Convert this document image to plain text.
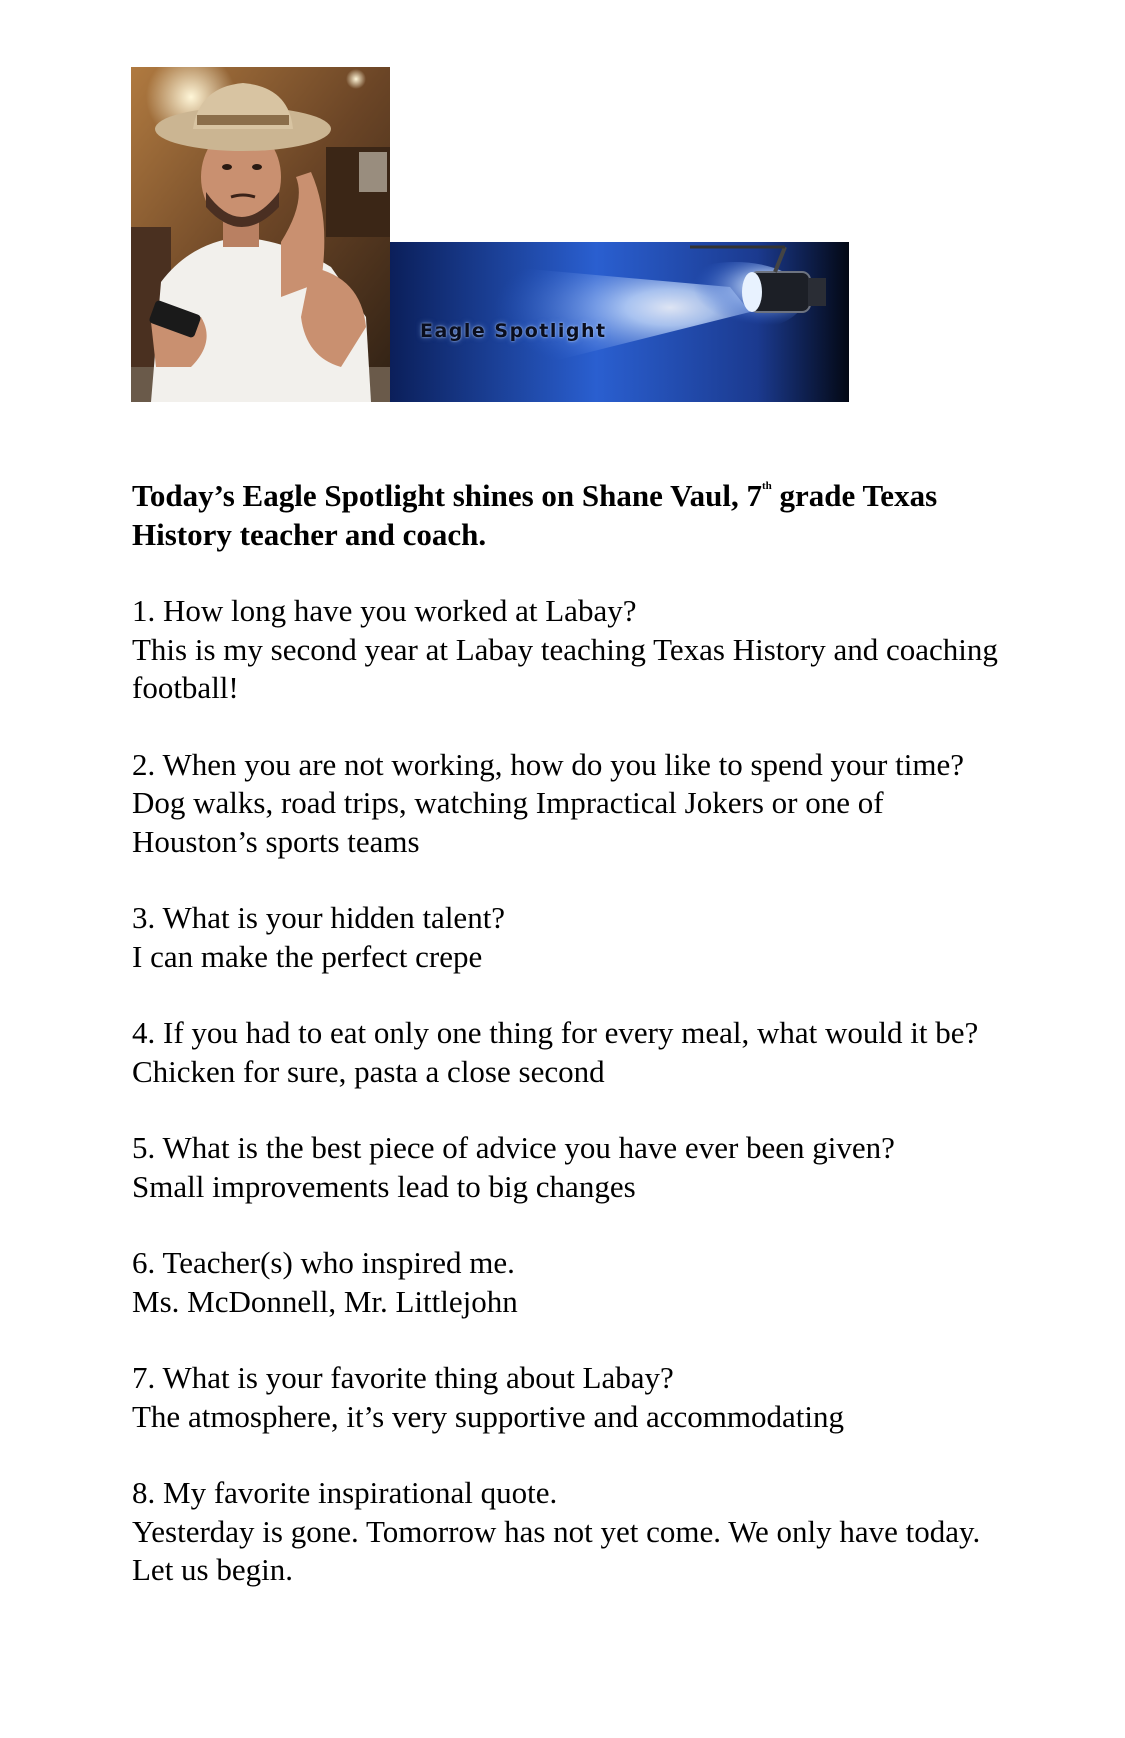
Eagle Spotlight

Today’s Eagle Spotlight shines on Shane Vaul, 7th grade Texas History teacher and coach.

1. How long have you worked at Labay?

This is my second year at Labay teaching Texas History and coaching football!

2. When you are not working, how do you like to spend your time?

Dog walks, road trips, watching Impractical Jokers or one of Houston’s sports teams

3. What is your hidden talent?

I can make the perfect crepe

4. If you had to eat only one thing for every meal, what would it be?

Chicken for sure, pasta a close second

5. What is the best piece of advice you have ever been given?

Small improvements lead to big changes

6. Teacher(s) who inspired me.

Ms. McDonnell, Mr. Littlejohn

7. What is your favorite thing about Labay?

The atmosphere, it’s very supportive and accommodating

8. My favorite inspirational quote.

Yesterday is gone. Tomorrow has not yet come. We only have today. Let us begin.
